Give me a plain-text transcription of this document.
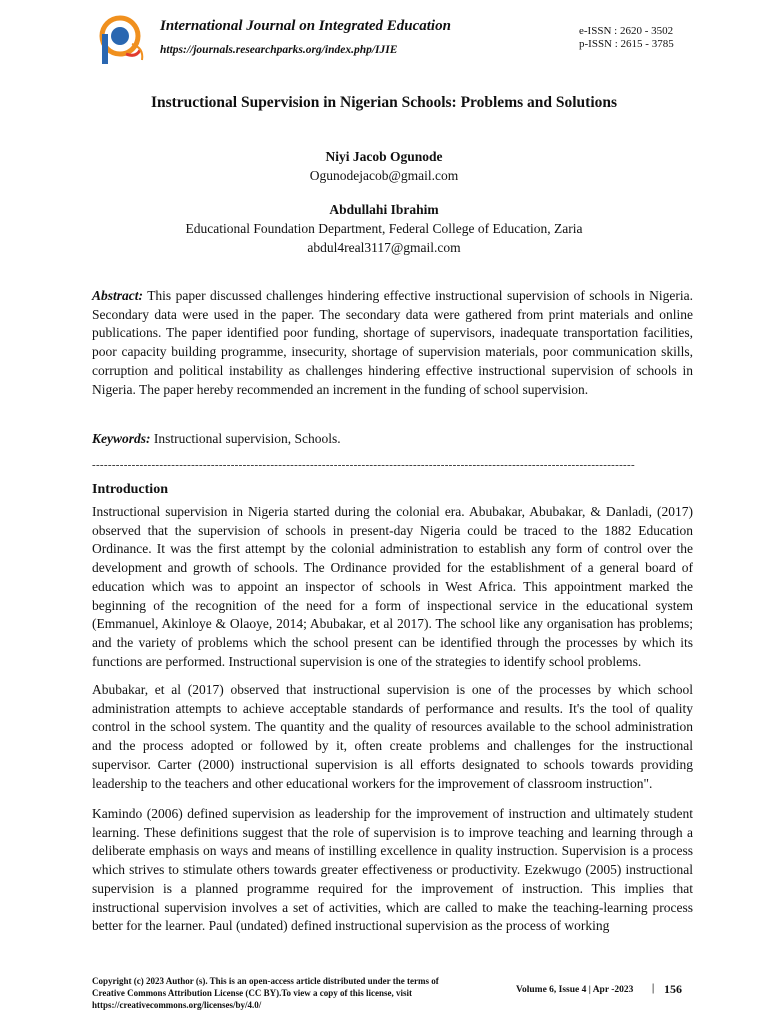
International Journal on Integrated Education
https://journals.researchparks.org/index.php/IJIE
e-ISSN : 2620 - 3502
p-ISSN : 2615 - 3785
Instructional Supervision in Nigerian Schools: Problems and Solutions
Niyi Jacob Ogunode
Ogunodejacob@gmail.com
Abdullahi Ibrahim
Educational Foundation Department, Federal College of Education, Zaria
abdul4real3117@gmail.com
Abstract: This paper discussed challenges hindering effective instructional supervision of schools in Nigeria. Secondary data were used in the paper. The secondary data were gathered from print materials and online publications. The paper identified poor funding, shortage of supervisors, inadequate transportation facilities, poor capacity building programme, insecurity, shortage of supervision materials, poor communication skills, corruption and political instability as challenges hindering effective instructional supervision of schools in Nigeria. The paper hereby recommended an increment in the funding of school supervision.
Keywords: Instructional supervision, Schools.
-----------------------------------------------------------------------------------------------------------------------------------------
Introduction
Instructional supervision in Nigeria started during the colonial era. Abubakar, Abubakar, & Danladi, (2017) observed that the supervision of schools in present-day Nigeria could be traced to the 1882 Education Ordinance. It was the first attempt by the colonial administration to establish any form of control over the development and growth of schools. The Ordinance provided for the establishment of a general board of education which was to appoint an inspector of schools in West Africa. This appointment marked the beginning of the recognition of the need for a form of inspectional service in the educational system (Emmanuel, Akinloye & Olaoye, 2014; Abubakar, et al 2017). The school like any organisation has problems; and the variety of problems which the school present can be identified through the processes by which its functions are performed. Instructional supervision is one of the strategies to identify school problems.
Abubakar, et al (2017) observed that instructional supervision is one of the processes by which school administration attempts to achieve acceptable standards of performance and results. It's the tool of quality control in the school system. The quantity and the quality of resources available to the school administration and the process adopted or followed by it, often create problems and challenges for the instructional supervisor. Carter (2000) instructional supervision is all efforts designated to schools towards providing leadership to the teachers and other educational workers for the improvement of classroom instruction".
Kamindo (2006) defined supervision as leadership for the improvement of instruction and ultimately student learning. These definitions suggest that the role of supervision is to improve teaching and learning through a deliberate emphasis on ways and means of instilling excellence in quality instruction. Supervision is a process which strives to stimulate others towards greater effectiveness or productivity. Ezekwugo (2005) instructional supervision is a planned programme required for the improvement of instruction. This implies that instructional supervision involves a set of activities, which are called to make the teaching-learning process better for the learner. Paul (undated) defined instructional supervision as the process of working
Copyright (c) 2023 Author (s). This is an open-access article distributed under the terms of Creative Commons Attribution License (CC BY).To view a copy of this license, visit https://creativecommons.org/licenses/by/4.0/
Volume 6, Issue 4 | Apr -2023 | 156
